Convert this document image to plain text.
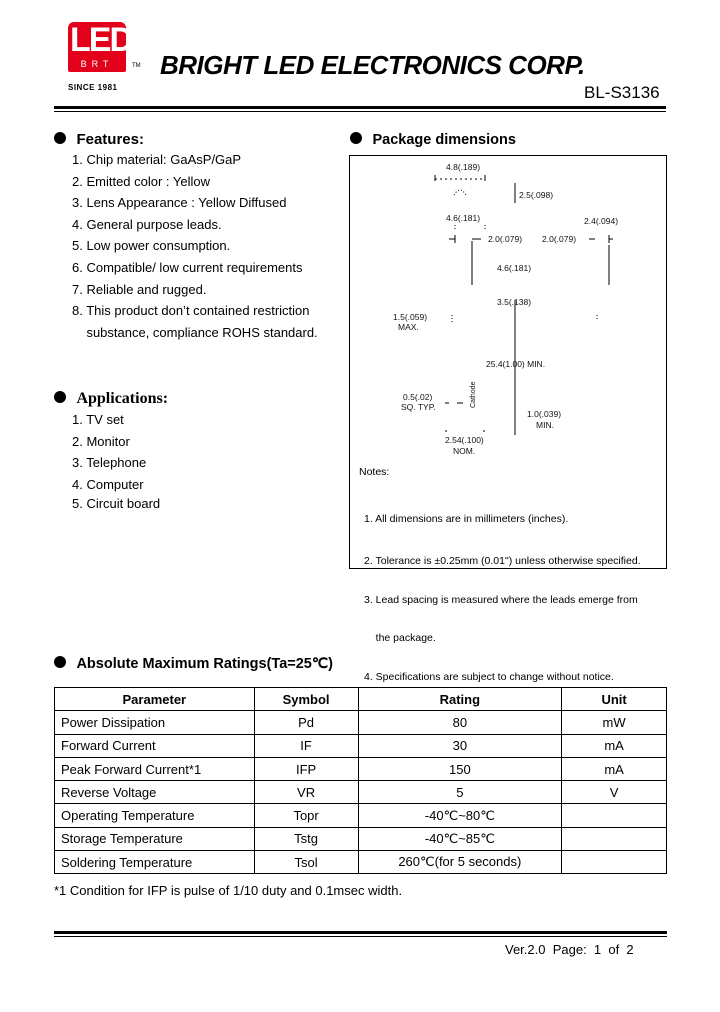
LED
BRT	TM
SINCE 1981
BRIGHT LED ELECTRONICS CORP.
BL-S3136
Features:
1. Chip material: GaAsP/GaP
2. Emitted color : Yellow
3. Lens Appearance : Yellow Diffused
4. General purpose leads.
5. Low power consumption.
6. Compatible/ low current requirements
7. Reliable and rugged.
8. This product don’t contained restriction
substance, compliance ROHS standard.
Applications:
1. TV set
2. Monitor
3. Telephone
4. Computer
5. Circuit board
Package dimensions
4.8(.189)
2.5(.098)
4.6(.181)	2.4(.094)
2.0(.079) 2.0(.079)
4.6(.181)
3.5(.138)
1.5(.059)
MAX.
25.4(1.00) MIN.
0.5(.02)
SQ. TYP.	Cathode
1.0(.039)
MIN.
2.54(.100)
NOM.
Notes:

1. All dimensions are in millimeters (inches).

2. Tolerance is ±0.25mm (0.01") unless otherwise specified.

3. Lead spacing is measured where the leads emerge from

the package.

4. Specifications are subject to change without notice.

Absolute Maximum Ratings(Ta=25℃)
Parameter	Symbol	Rating	Unit
Power Dissipation	Pd	80	mW
Forward Current	IF	30	mA
Peak Forward Current*1	IFP	150	mA
Reverse Voltage	VR	5	V
Operating Temperature	Topr	-40℃~80℃	
Storage Temperature	Tstg	-40℃~85℃	
Soldering Temperature	Tsol	260℃(for 5 seconds)	
*1 Condition for IFP is pulse of 1/10 duty and 0.1msec width.
Ver.2.0  Page:  1  of  2
